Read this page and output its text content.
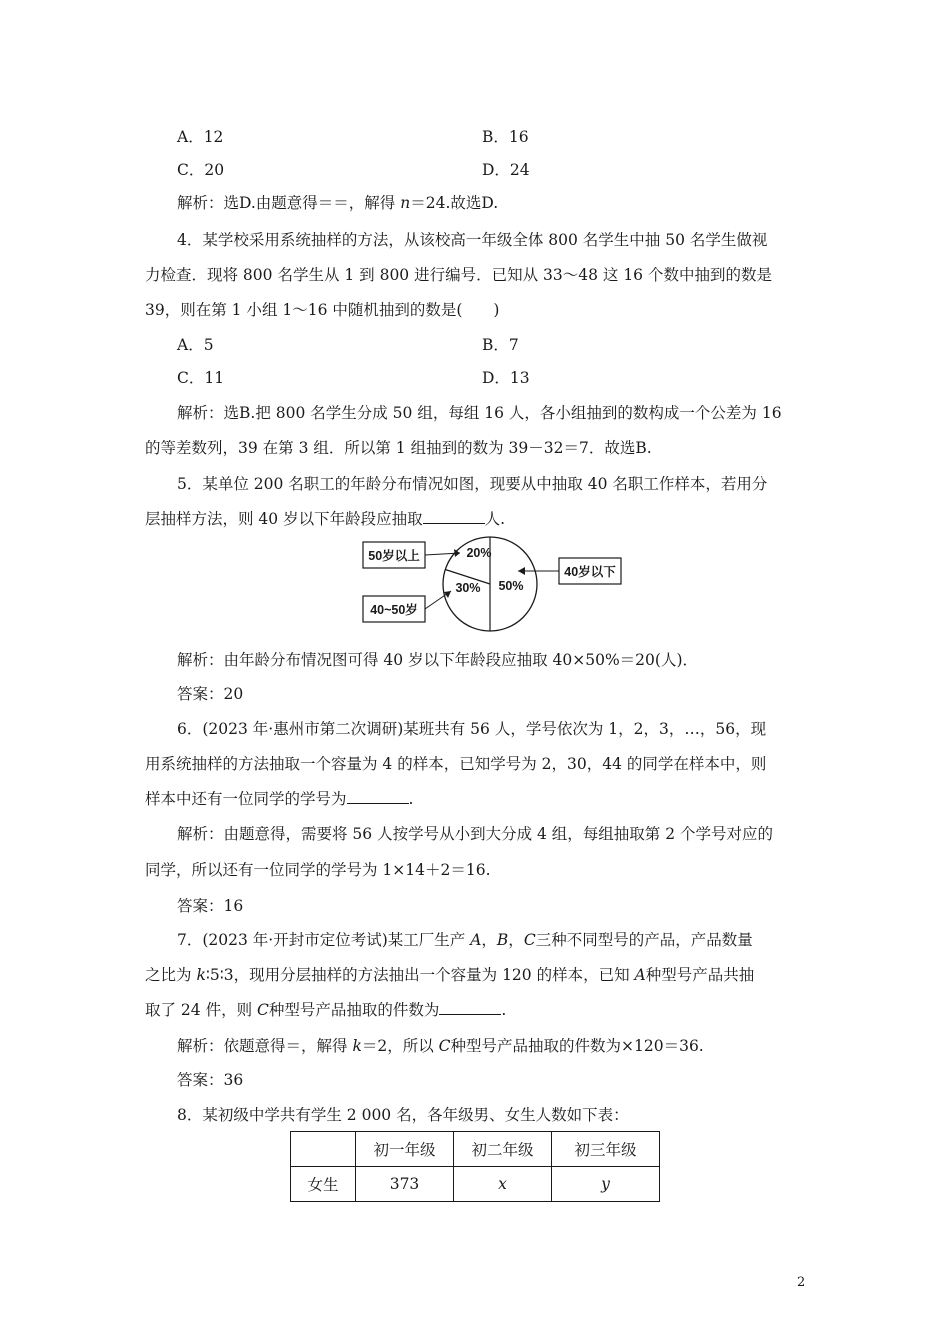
A．12	B．16
C．20	D．24
解析：选D.由题意得＝＝，解得 n＝24.故选D.
4．某学校采用系统抽样的方法，从该校高一年级全体 800 名学生中抽 50 名学生做视
力检查．现将 800 名学生从 1 到 800 进行编号．已知从 33～48 这 16 个数中抽到的数是
39，则在第 1 小组 1～16 中随机抽到的数是(　　)
A．5	B．7
C．11	D．13
解析：选B.把 800 名学生分成 50 组，每组 16 人，各小组抽到的数构成一个公差为 16
的等差数列，39 在第 3 组．所以第 1 组抽到的数为 39－32＝7．故选B.
5．某单位 200 名职工的年龄分布情况如图，现要从中抽取 40 名职工作样本，若用分
层抽样方法，则 40 岁以下年龄段应抽取	人.
50岁以上
40~50岁
40岁以下
20%
30% 50%
解析：由年龄分布情况图可得 40 岁以下年龄段应抽取 40×50%＝20(人)．
答案：20
6．(2023 年·惠州市第二次调研)某班共有 56 人，学号依次为 1，2，3，…，56，现
用系统抽样的方法抽取一个容量为 4 的样本，已知学号为 2，30，44 的同学在样本中，则
样本中还有一位同学的学号为	.
解析：由题意得，需要将 56 人按学号从小到大分成 4 组，每组抽取第 2 个学号对应的
同学，所以还有一位同学的学号为 1×14＋2＝16.
答案：16
7．(2023 年·开封市定位考试)某工厂生产 A，B，C三种不同型号的产品，产品数量
之比为 k∶5∶3，现用分层抽样的方法抽出一个容量为 120 的样本，已知 A种型号产品共抽
取了 24 件，则 C种型号产品抽取的件数为	.
解析：依题意得＝，解得 k＝2，所以 C种型号产品抽取的件数为×120＝36.
答案：36
8．某初级中学共有学生 2 000 名，各年级男、女生人数如下表：
	初一年级	初二年级	初三年级
女生	373	x	y
2
